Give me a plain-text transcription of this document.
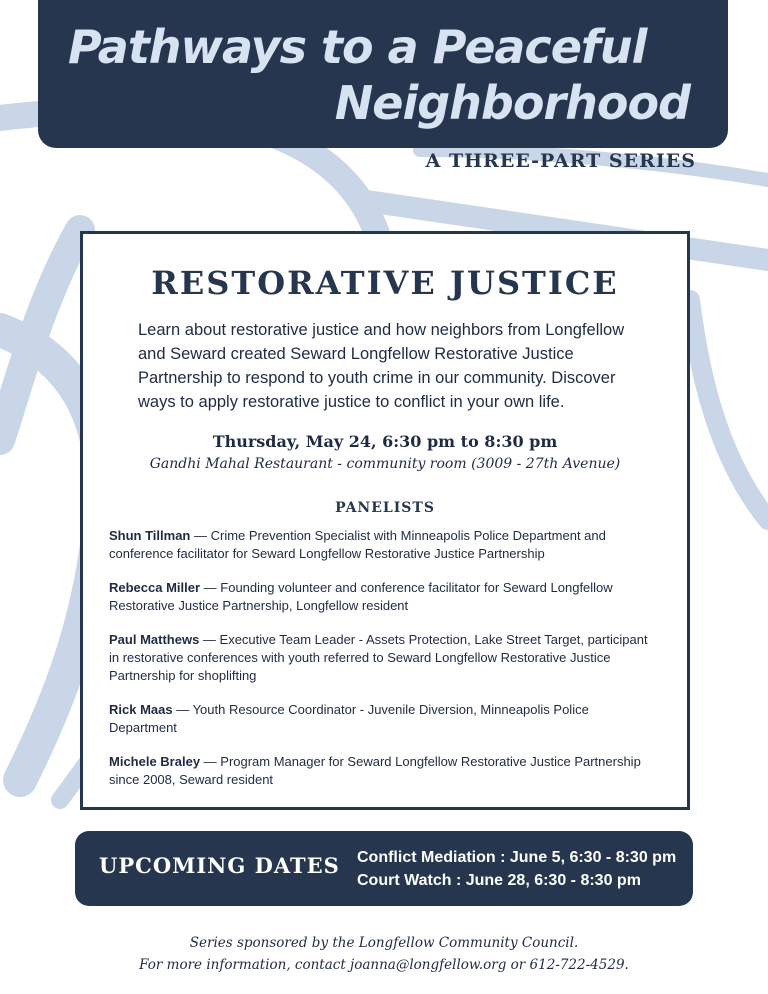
Pathways to a Peaceful
Neighborhood
A THREE-PART SERIES
RESTORATIVE JUSTICE
Learn about restorative justice and how neighbors from Longfellow and Seward created Seward Longfellow Restorative Justice Partnership to respond to youth crime in our community. Discover ways to apply restorative justice to conflict in your own life.
Thursday, May 24, 6:30 pm to 8:30 pm
Gandhi Mahal Restaurant - community room (3009 - 27th Avenue)
PANELISTS
Shun Tillman — Crime Prevention Specialist with Minneapolis Police Department and conference facilitator for Seward Longfellow Restorative Justice Partnership
Rebecca Miller — Founding volunteer and conference facilitator for Seward Longfellow Restorative Justice Partnership, Longfellow resident
Paul Matthews — Executive Team Leader - Assets Protection, Lake Street Target, participant in restorative conferences with youth referred to Seward Longfellow Restorative Justice Partnership for shoplifting
Rick Maas — Youth Resource Coordinator - Juvenile Diversion, Minneapolis Police Department
Michele Braley — Program Manager for Seward Longfellow Restorative Justice Partnership since 2008, Seward resident
UPCOMING DATES Conflict Mediation : June 5, 6:30 - 8:30 pm
Court Watch : June 28, 6:30 - 8:30 pm
Series sponsored by the Longfellow Community Council.
For more information, contact joanna@longfellow.org or 612-722-4529.
